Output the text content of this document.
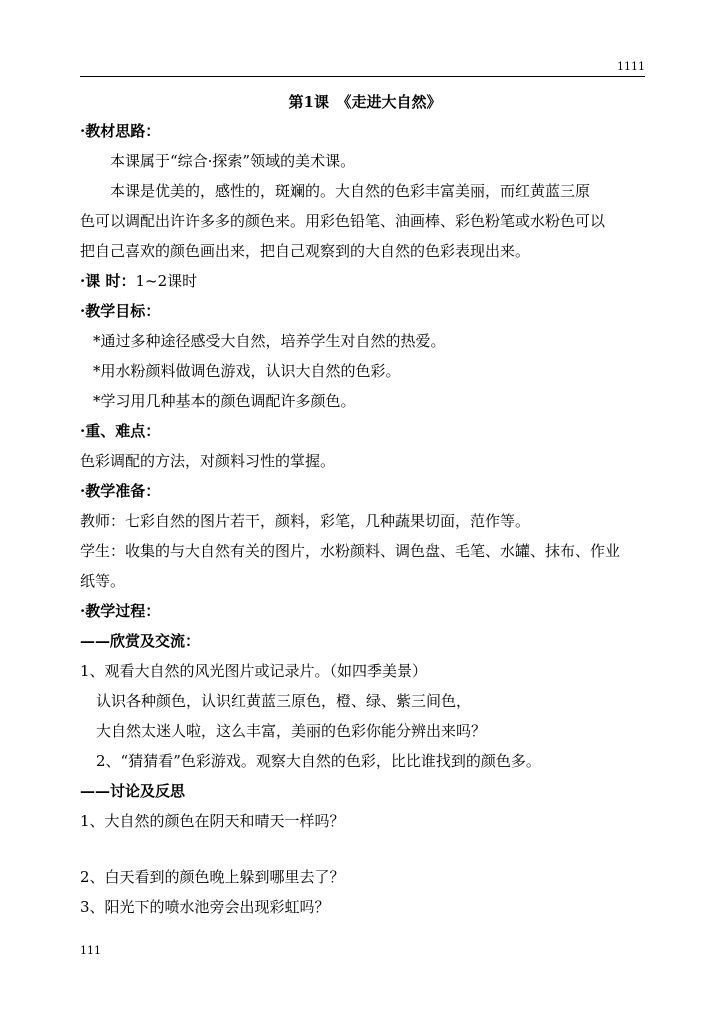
1111
第1课　《走进大自然》
·教材思路：
本课属于“综合·探索”领域的美术课。
本课是优美的，感性的，斑斓的。大自然的色彩丰富美丽，而红黄蓝三原
色可以调配出许许多多的颜色来。用彩色铅笔、油画棒、彩色粉笔或水粉色可以
把自己喜欢的颜色画出来，把自己观察到的大自然的色彩表现出来。
·课 时：1~2课时
·教学目标：
*通过多种途径感受大自然，培养学生对自然的热爱。
*用水粉颜料做调色游戏，认识大自然的色彩。
*学习用几种基本的颜色调配许多颜色。
·重、难点：
色彩调配的方法，对颜料习性的掌握。
·教学准备：
教师：七彩自然的图片若干，颜料，彩笔，几种蔬果切面，范作等。
学生：收集的与大自然有关的图片，水粉颜料、调色盘、毛笔、水罐、抹布、作业
纸等。
·教学过程：
——欣赏及交流：
1、观看大自然的风光图片或记录片。（如四季美景）
认识各种颜色，认识红黄蓝三原色，橙、绿、紫三间色，
大自然太迷人啦，这么丰富，美丽的色彩你能分辨出来吗？
2、“猜猜看”色彩游戏。观察大自然的色彩，比比谁找到的颜色多。
——讨论及反思
1、大自然的颜色在阴天和晴天一样吗？
2、白天看到的颜色晚上躲到哪里去了？
3、阳光下的喷水池旁会出现彩虹吗？
111
